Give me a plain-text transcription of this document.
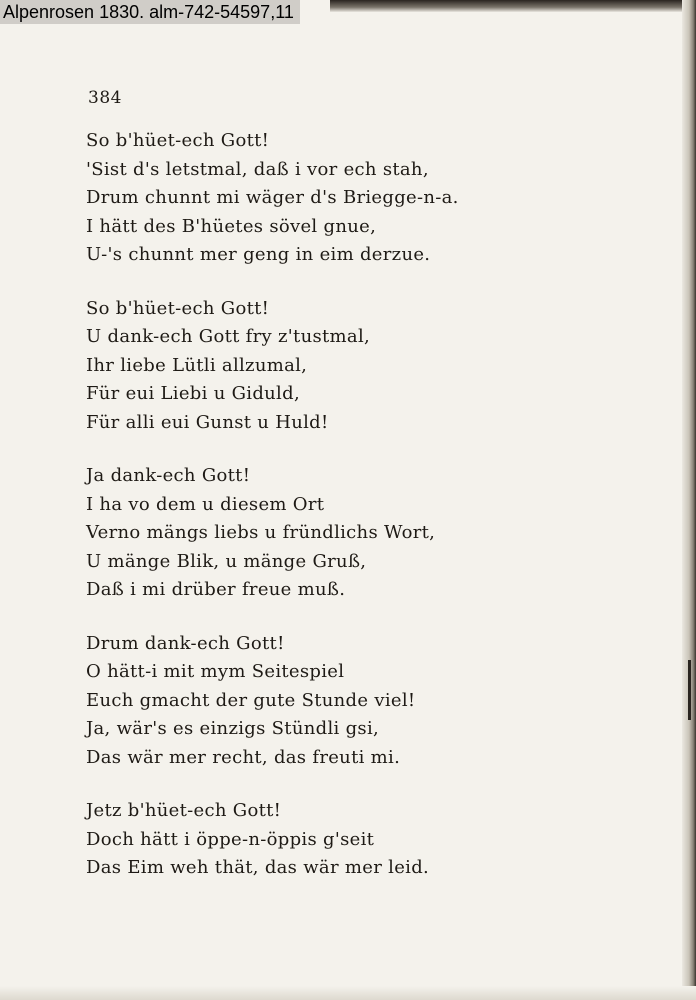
Alpenrosen 1830. alm-742-54597,11
384
So b'hüet-ech Gott!
'Sist d's letstmal, daß i vor ech stah,
Drum chunnt mi wäger d's Briegge-n-a.
I hätt des B'hüetes sövel gnue,
U-'s chunnt mer geng in eim derzue.
So b'hüet-ech Gott!
U dank-ech Gott fry z'tustmal,
Ihr liebe Lütli allzumal,
Für eui Liebi u Giduld,
Für alli eui Gunst u Huld!
Ja dank-ech Gott!
I ha vo dem u diesem Ort
Verno mängs liebs u fründlichs Wort,
U mänge Blik, u mänge Gruß,
Daß i mi drüber freue muß.
Drum dank-ech Gott!
O hätt-i mit mym Seitespiel
Euch gmacht der gute Stunde viel!
Ja, wär's es einzigs Stündli gsi,
Das wär mer recht, das freuti mi.
Jetz b'hüet-ech Gott!
Doch hätt i öppe-n-öppis g'seit
Das Eim weh thät, das wär mer leid.
